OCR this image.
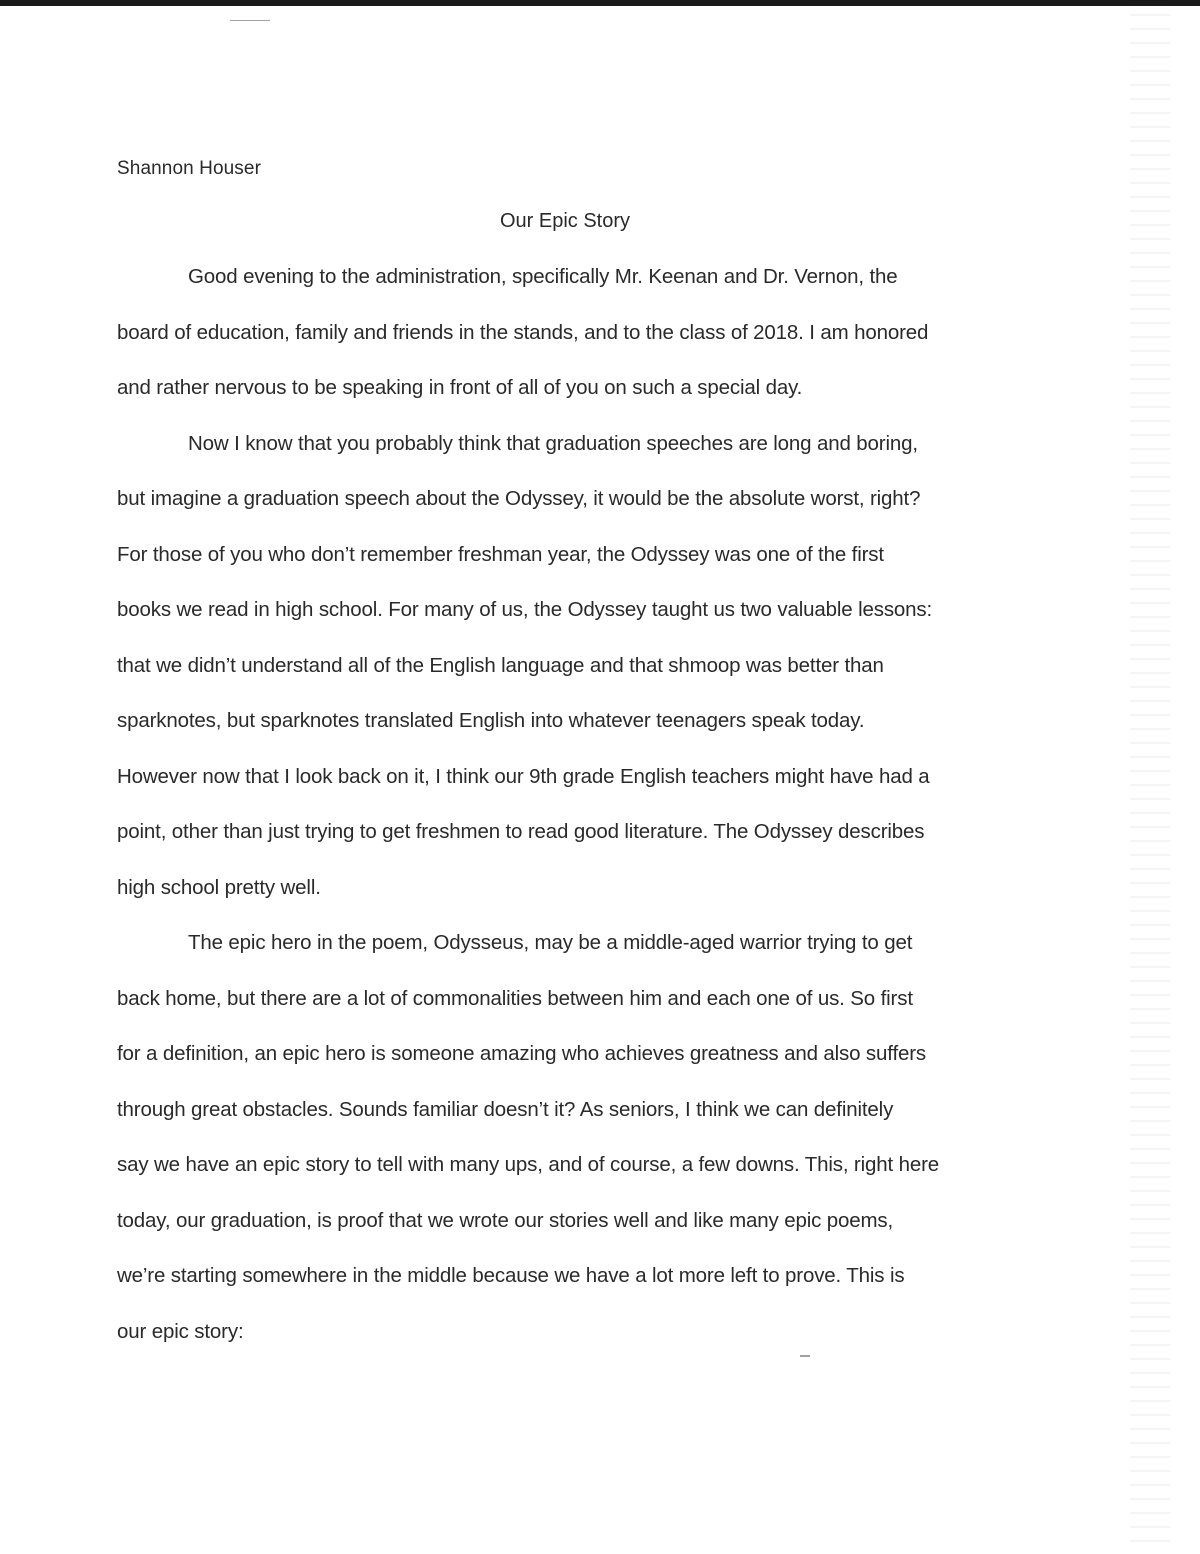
Shannon Houser
Our Epic Story
Good evening to the administration, specifically Mr. Keenan and Dr. Vernon, the
board of education, family and friends in the stands, and to the class of 2018. I am honored
and rather nervous to be speaking in front of all of you on such a special day.
Now I know that you probably think that graduation speeches are long and boring,
but imagine a graduation speech about the Odyssey, it would be the absolute worst, right?
For those of you who don’t remember freshman year, the Odyssey was one of the first
books we read in high school. For many of us, the Odyssey taught us two valuable lessons:
that we didn’t understand all of the English language and that shmoop was better than
sparknotes, but sparknotes translated English into whatever teenagers speak today.
However now that I look back on it, I think our 9th grade English teachers might have had a
point, other than just trying to get freshmen to read good literature. The Odyssey describes
high school pretty well.
The epic hero in the poem, Odysseus, may be a middle-aged warrior trying to get
back home, but there are a lot of commonalities between him and each one of us. So first
for a definition, an epic hero is someone amazing who achieves greatness and also suffers
through great obstacles. Sounds familiar doesn’t it? As seniors, I think we can definitely
say we have an epic story to tell with many ups, and of course, a few downs. This, right here
today, our graduation, is proof that we wrote our stories well and like many epic poems,
we’re starting somewhere in the middle because we have a lot more left to prove. This is
our epic story:
